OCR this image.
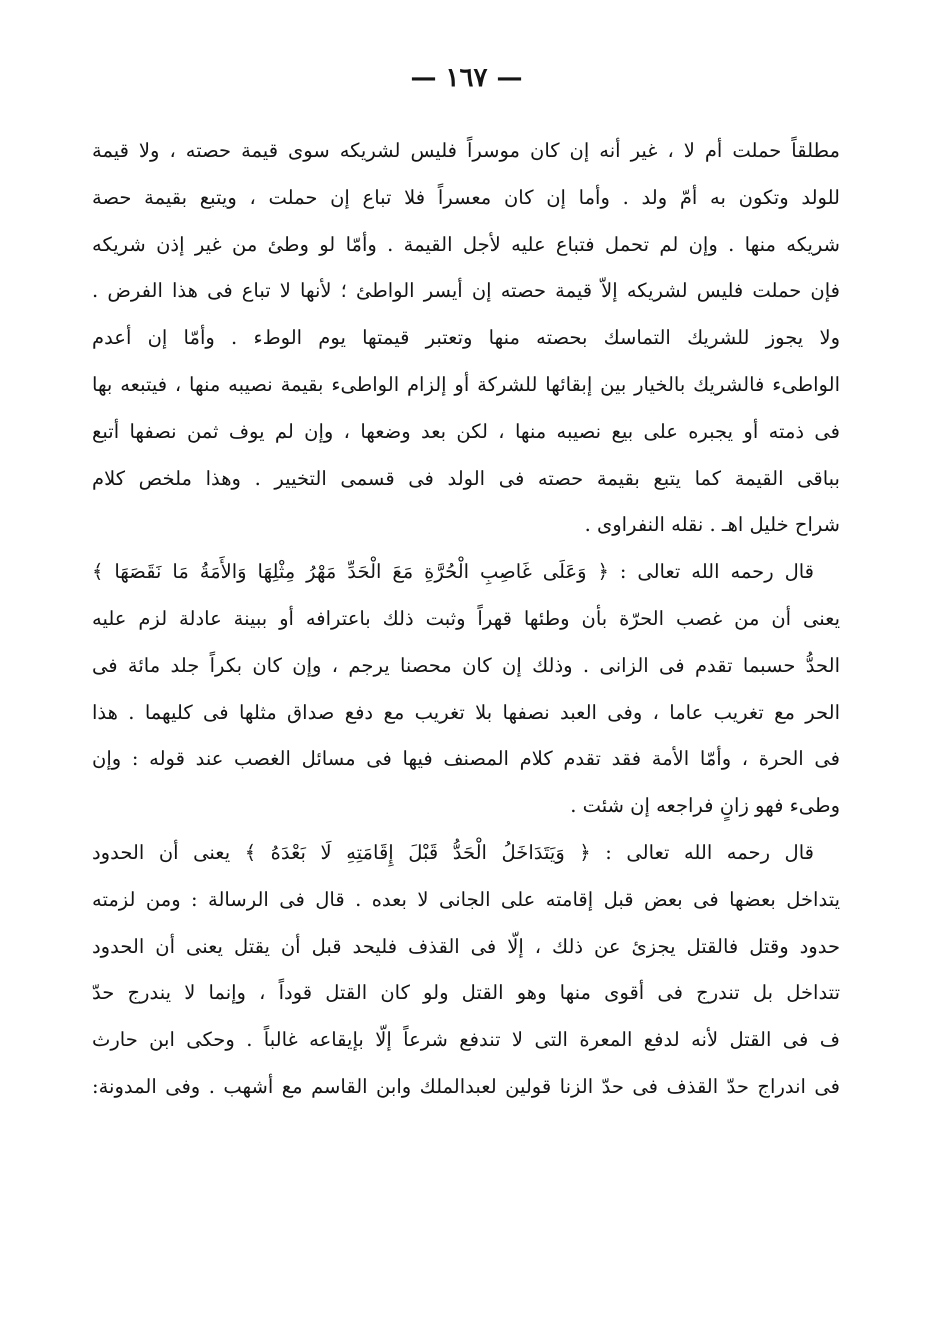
— ١٦٧ —
مطلقاً حملت أم لا ، غير أنه إن كان موسراً فليس لشريكه سوى قيمة حصته ، ولا قيمة
للولد وتكون به أمّ ولد . وأما إن كان معسراً فلا تباع إن حملت ، ويتبع بقيمة حصة
شريكه منها . وإن لم تحمل فتباع عليه لأجل القيمة . وأمّا لو وطئ من غير إذن شريكه
فإن حملت فليس لشريكه إلاّ قيمة حصته إن أيسر الواطئ ؛ لأنها لا تباع فى هذا الفرض .
ولا يجوز للشريك التماسك بحصته منها وتعتبر قيمتها يوم الوطء . وأمّا إن أعدم
الواطىء فالشريك بالخيار بين إبقائها للشركة أو إلزام الواطىء بقيمة نصيبه منها ، فيتبعه بها
فى ذمته أو يجبره على بيع نصيبه منها ، لكن بعد وضعها ، وإن لم يوف ثمن نصفها أتبع
بباقى القيمة كما يتبع بقيمة حصته فى الولد فى قسمى التخيير . وهذا ملخص كلام
شراح خليل اهـ . نقله النفراوى .
قال رحمه الله تعالى : ﴿ وَعَلَى غَاصِبِ الْحُرَّةِ مَعَ الْحَدِّ مَهْرُ مِثْلِهَا وَالأَمَةُ مَا نَقَصَهَا ﴾
يعنى أن من غصب الحرّة بأن وطئها قهراً وثبت ذلك باعترافه أو ببينة عادلة لزم عليه
الحدُّ حسبما تقدم فى الزانى . وذلك إن كان محصنا يرجم ، وإن كان بكراً جلد مائة فى
الحر مع تغريب عاما ، وفى العبد نصفها بلا تغريب مع دفع صداق مثلها فى كليهما . هذا
فى الحرة ، وأمّا الأمة فقد تقدم كلام المصنف فيها فى مسائل الغصب عند قوله : وإن
وطىء فهو زانٍ فراجعه إن شئت .
قال رحمه الله تعالى : ﴿ وَيَتَدَاخَلُ الْحَدُّ قَبْلَ إِقَامَتِهِ لَا بَعْدَهُ ﴾ يعنى أن الحدود
يتداخل بعضها فى بعض قبل إقامته على الجانى لا بعده . قال فى الرسالة : ومن لزمته
حدود وقتل فالقتل يجزئ عن ذلك ، إلّا فى القذف فليحد قبل أن يقتل يعنى أن الحدود
تتداخل بل تندرج فى أقوى منها وهو القتل ولو كان القتل قوداً ، وإنما لا يندرج حدّ
ف فى القتل لأنه لدفع المعرة التى لا تندفع شرعاً إلّا بإيقاعه غالباً . وحكى ابن حارث
فى اندراج حدّ القذف فى حدّ الزنا قولين لعبدالملك وابن القاسم مع أشهب . وفى المدونة:
